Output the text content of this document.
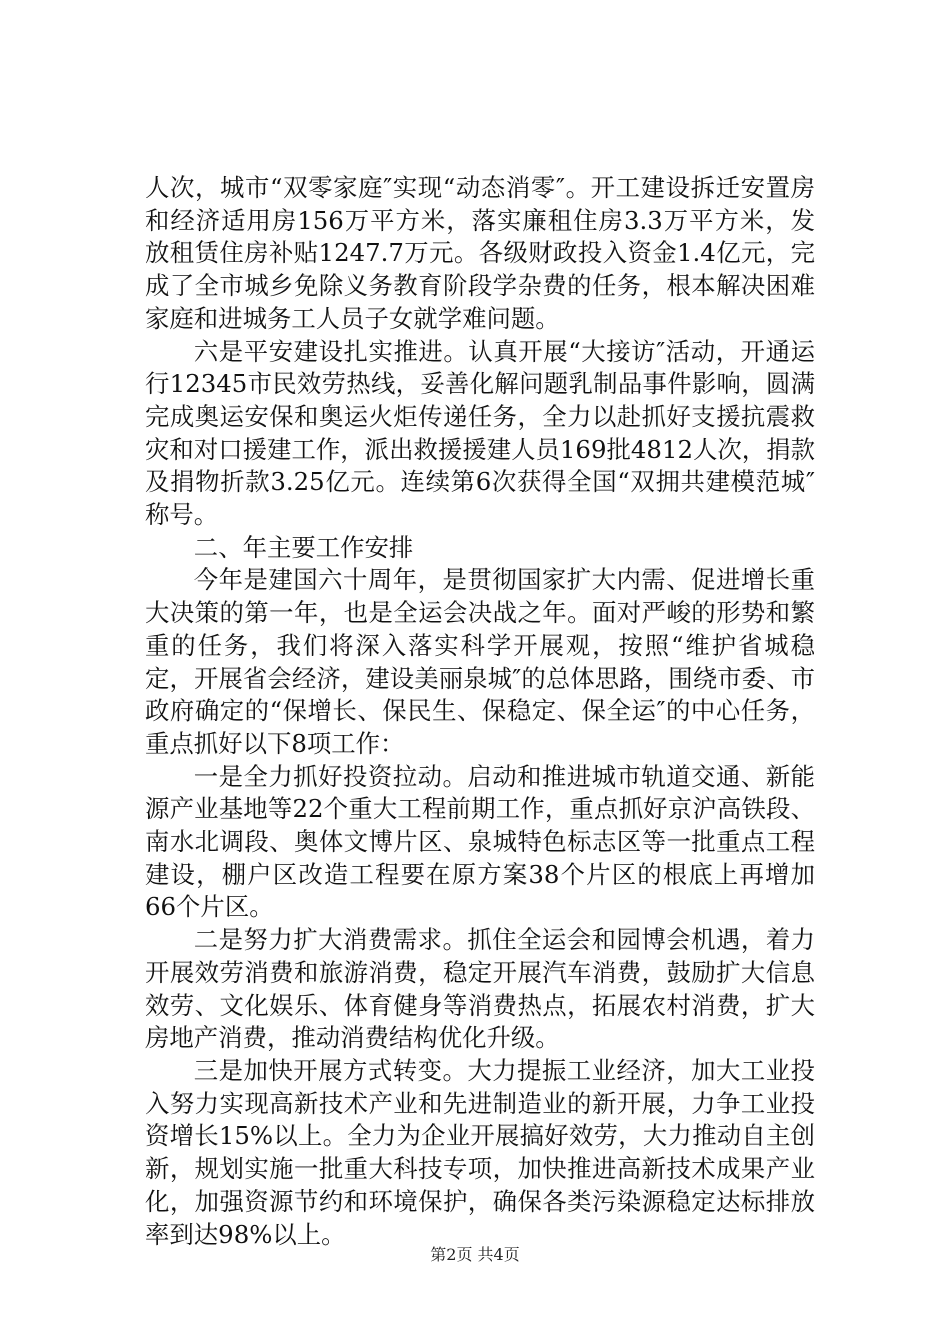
人次，城市“双零家庭″实现“动态消零″。开工建设拆迁安置房和经济适用房156万平方米，落实廉租住房3.3万平方米，发放租赁住房补贴1247.7万元。各级财政投入资金1.4亿元，完成了全市城乡免除义务教育阶段学杂费的任务，根本解决困难家庭和进城务工人员子女就学难问题。

六是平安建设扎实推进。认真开展“大接访″活动，开通运行12345市民效劳热线，妥善化解问题乳制品事件影响，圆满完成奥运安保和奥运火炬传递任务，全力以赴抓好支援抗震救灾和对口援建工作，派出救援援建人员169批4812人次，捐款及捐物折款3.25亿元。连续第6次获得全国“双拥共建模范城″称号。

二、年主要工作安排

今年是建国六十周年，是贯彻国家扩大内需、促进增长重大决策的第一年，也是全运会决战之年。面对严峻的形势和繁重的任务，我们将深入落实科学开展观，按照“维护省城稳定，开展省会经济，建设美丽泉城″的总体思路，围绕市委、市政府确定的“保增长、保民生、保稳定、保全运″的中心任务，重点抓好以下8项工作：

一是全力抓好投资拉动。启动和推进城市轨道交通、新能源产业基地等22个重大工程前期工作，重点抓好京沪高铁段、南水北调段、奥体文博片区、泉城特色标志区等一批重点工程建设，棚户区改造工程要在原方案38个片区的根底上再增加66个片区。

二是努力扩大消费需求。抓住全运会和园博会机遇，着力开展效劳消费和旅游消费，稳定开展汽车消费，鼓励扩大信息效劳、文化娱乐、体育健身等消费热点，拓展农村消费，扩大房地产消费，推动消费结构优化升级。

三是加快开展方式转变。大力提振工业经济，加大工业投入努力实现高新技术产业和先进制造业的新开展，力争工业投资增长15%以上。全力为企业开展搞好效劳，大力推动自主创新，规划实施一批重大科技专项，加快推进高新技术成果产业化，加强资源节约和环境保护，确保各类污染源稳定达标排放率到达98%以上。

第2页 共4页
